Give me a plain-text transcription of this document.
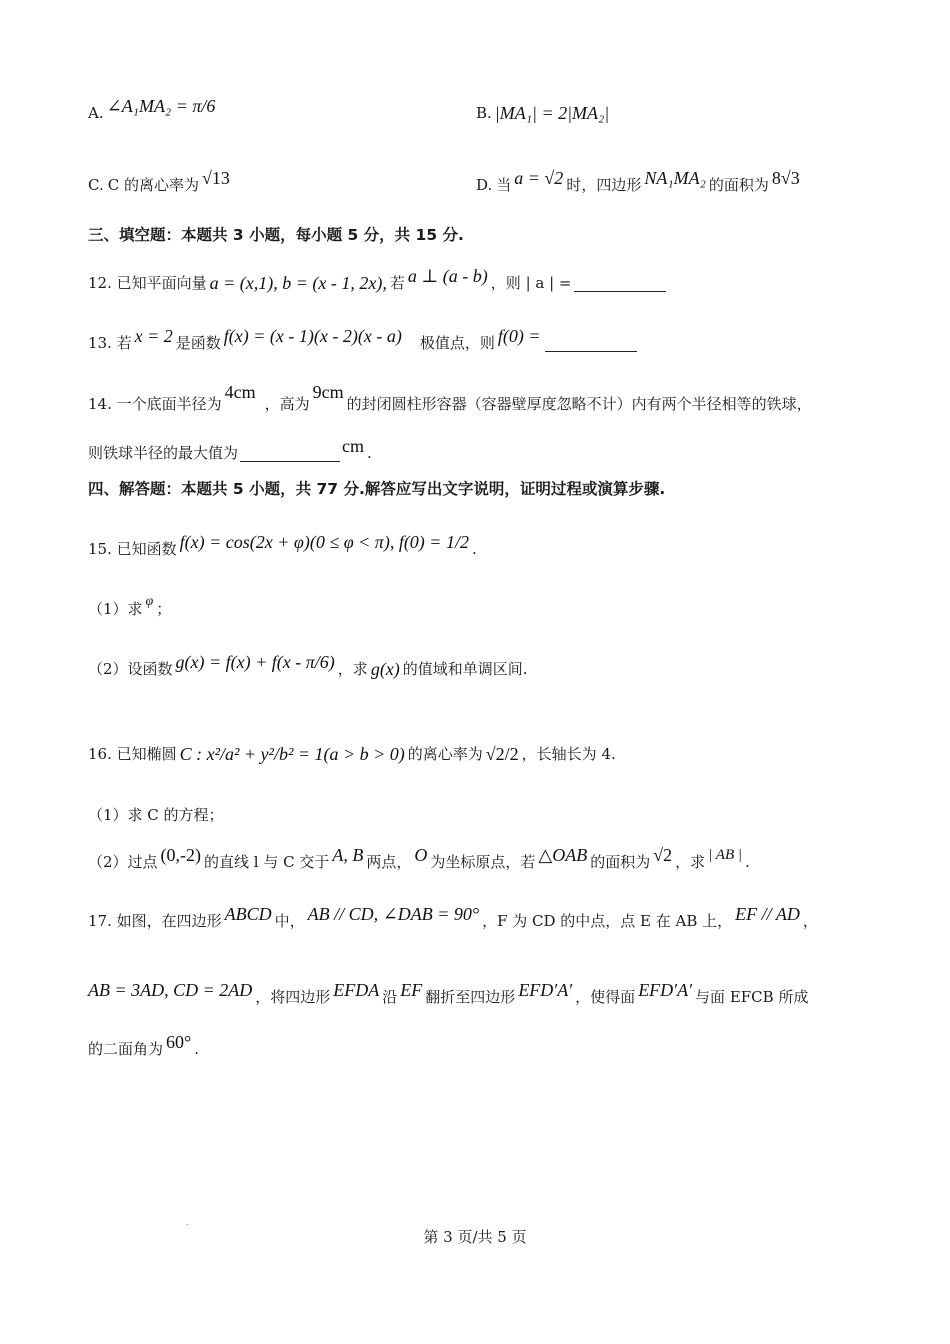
A. ∠A₁MA₂ = π/6	B. |MA₁| = 2|MA₂|
C. C 的离心率为 √13	D. 当 a = √2 时，四边形 NA₁MA₂ 的面积为 8√3
三、填空题：本题共 3 小题，每小题 5 分，共 15 分.
12. 已知平面向量 a = (x,1), b = (x - 1, 2x), 若 a ⊥ (a - b) ，则 | a | =
13. 若 x = 2 是函数 f(x) = (x - 1)(x - 2)(x - a) 极值点，则 f(0) =
14. 一个底面半径为
4cm
，高为
9cm
的封闭圆柱形容器（容器壁厚度忽略不计）内有两个半径相等的铁球，
则铁球半径的最大值为	cm .
四、解答题：本题共 5 小题，共 77 分.解答应写出文字说明，证明过程或演算步骤.
15. 已知函数 f(x) = cos(2x + φ)(0 ≤ φ < π), f(0) = 1/2 .
（1）求 φ ；
（2）设函数 g(x) = f(x) + f(x - π/6) ，求 g(x) 的值域和单调区间.
16. 已知椭圆 C : x²/a² + y²/b² = 1(a > b > 0) 的离心率为 √2/2 ，长轴长为 4.
（1）求 C 的方程；
（2）过点 (0,-2) 的直线 l 与 C 交于 A, B 两点， O 为坐标原点，若 △OAB 的面积为 √2 ，求 | AB | .
17. 如图，在四边形 ABCD 中， AB // CD, ∠DAB = 90° ，F 为 CD 的中点，点 E 在 AB 上， EF // AD ，
AB = 3AD, CD = 2AD ，将四边形 EFDA 沿 EF 翻折至四边形 EFD′A′ ，使得面 EFD′A′ 与面 EFCB 所成
的二面角为 60° .
第 3 页/共 5 页
